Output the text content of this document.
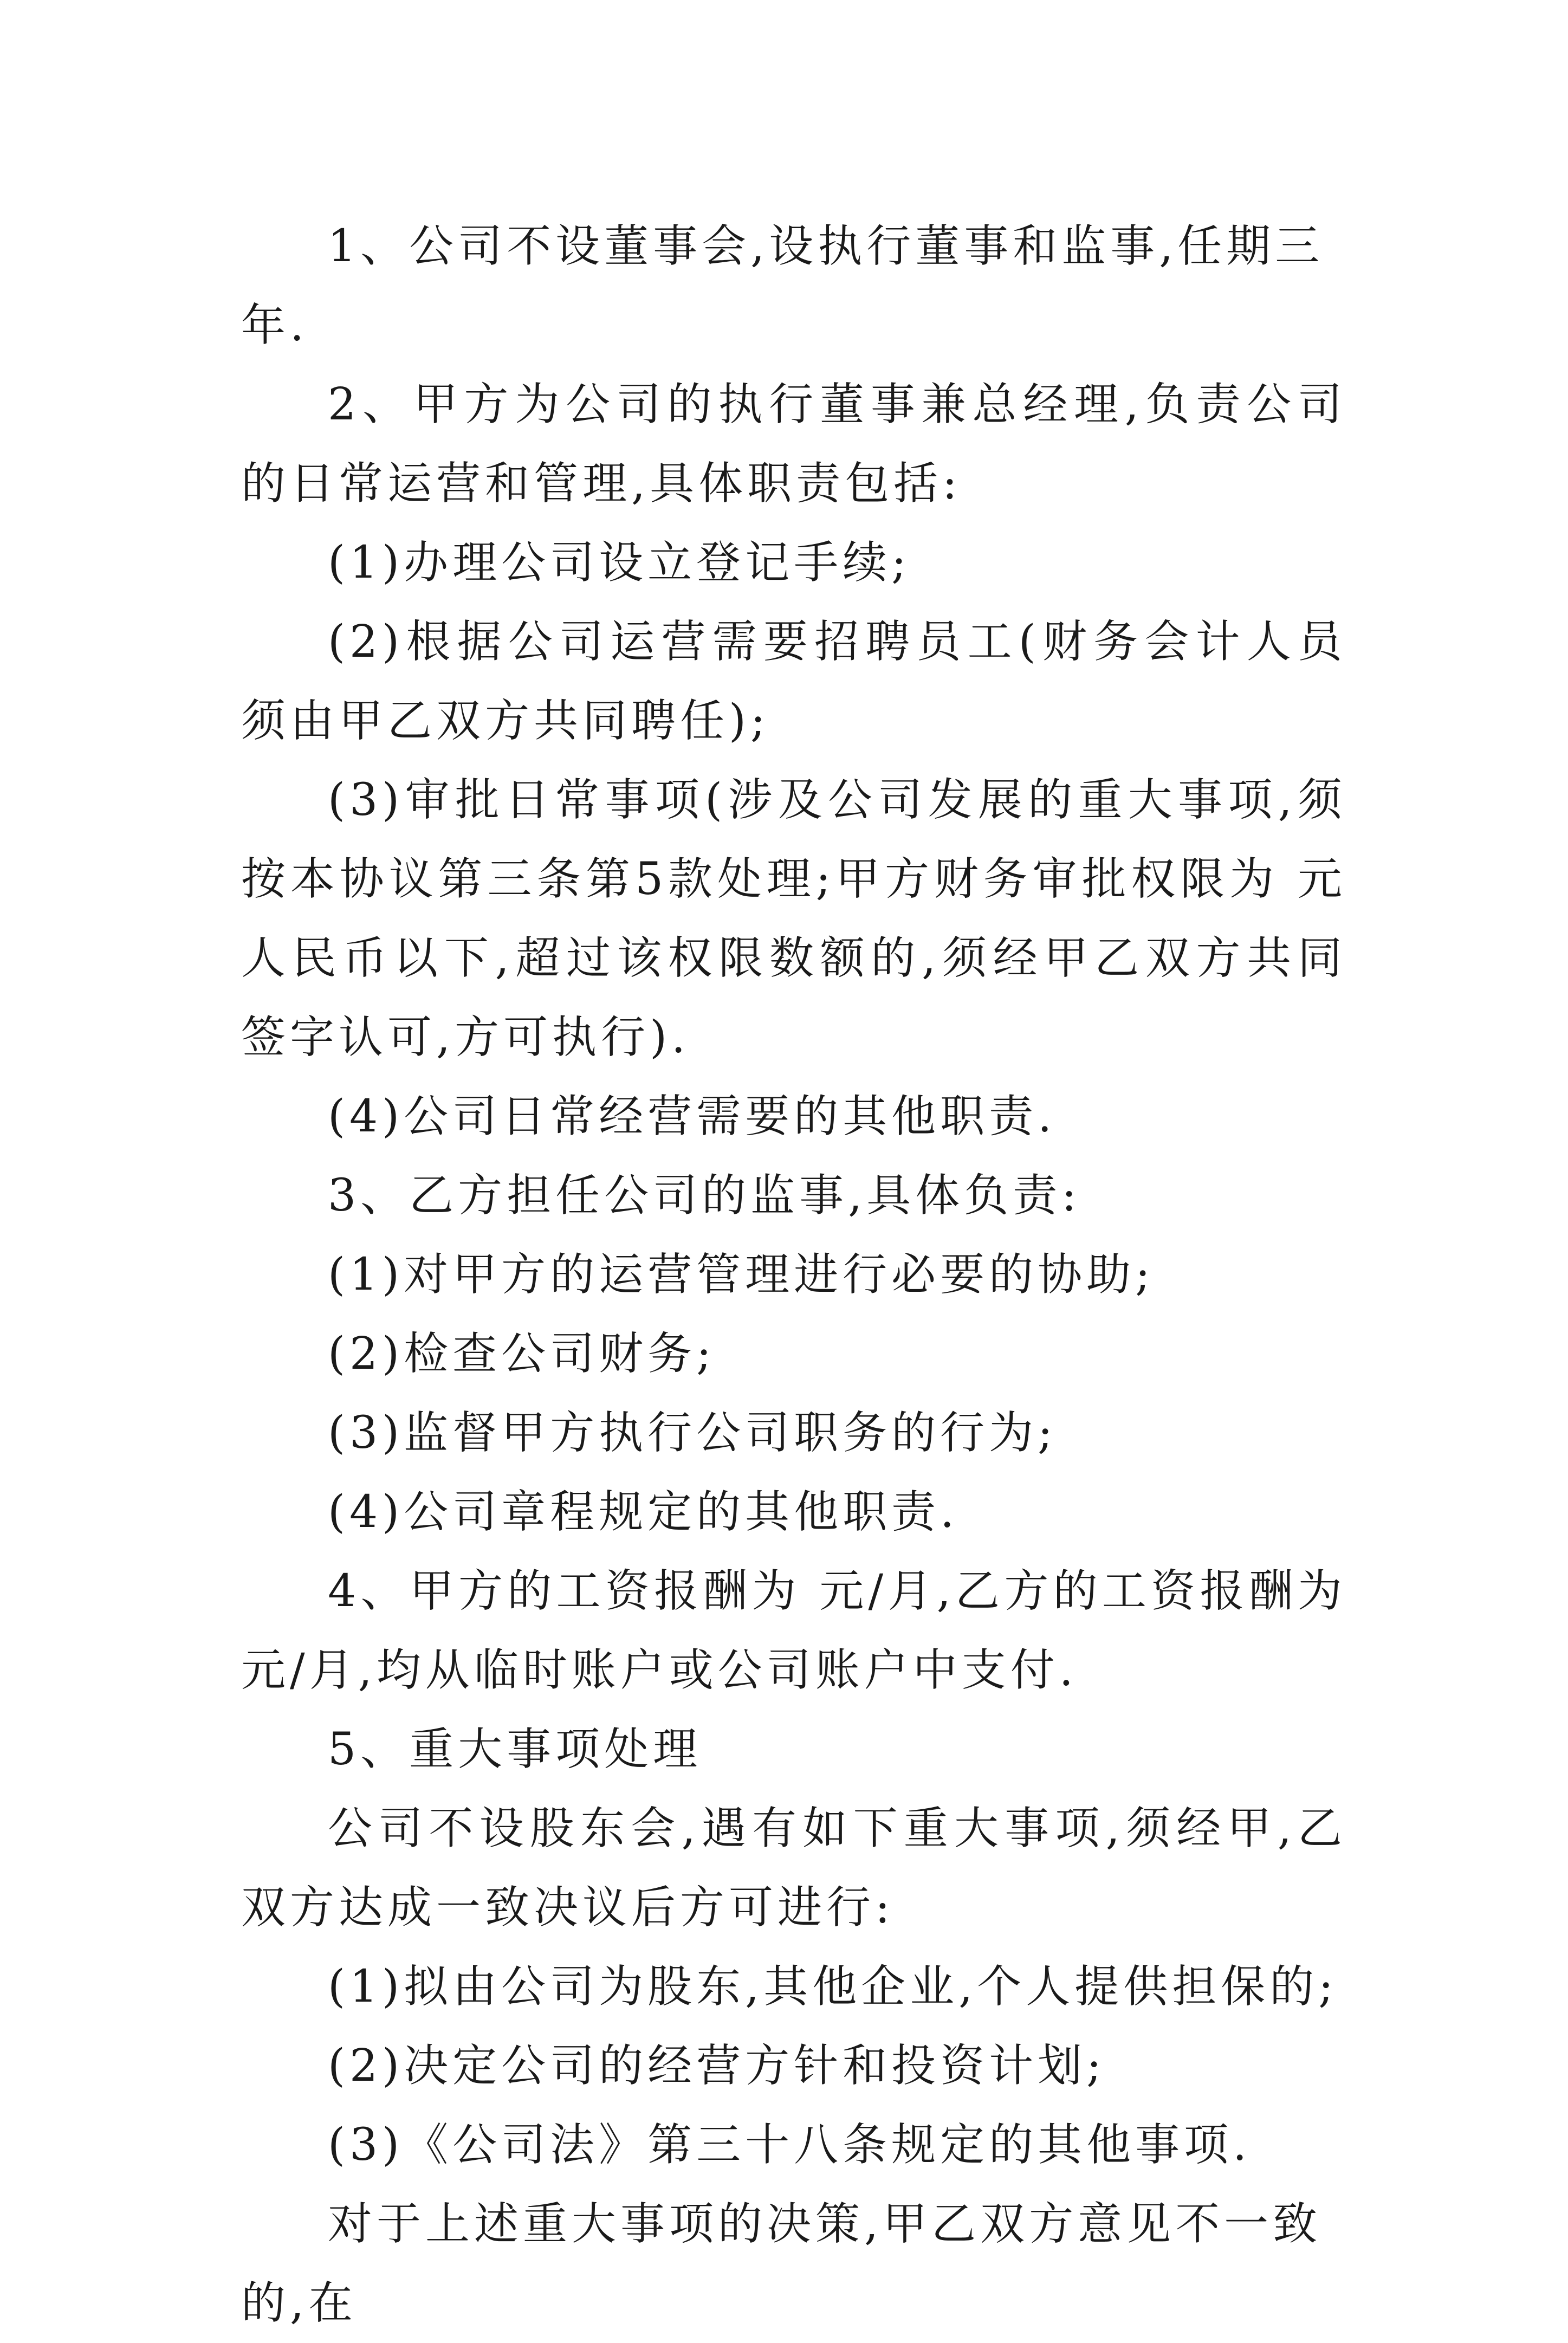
1、公司不设董事会,设执行董事和监事,任期三年.

2、甲方为公司的执行董事兼总经理,负责公司的日常运营和管理,具体职责包括:

(1)办理公司设立登记手续;

(2)根据公司运营需要招聘员工(财务会计人员须由甲乙双方共同聘任);

(3)审批日常事项(涉及公司发展的重大事项,须按本协议第三条第5款处理;甲方财务审批权限为 元人民币以下,超过该权限数额的,须经甲乙双方共同签字认可,方可执行).

(4)公司日常经营需要的其他职责.

3、乙方担任公司的监事,具体负责:

(1)对甲方的运营管理进行必要的协助;

(2)检查公司财务;

(3)监督甲方执行公司职务的行为;

(4)公司章程规定的其他职责.

4、甲方的工资报酬为 元/月,乙方的工资报酬为 元/月,均从临时账户或公司账户中支付.

5、重大事项处理

公司不设股东会,遇有如下重大事项,须经甲,乙双方达成一致决议后方可进行:

(1)拟由公司为股东,其他企业,个人提供担保的;

(2)决定公司的经营方针和投资计划;

(3)《公司法》第三十八条规定的其他事项.

对于上述重大事项的决策,甲乙双方意见不一致的,在
